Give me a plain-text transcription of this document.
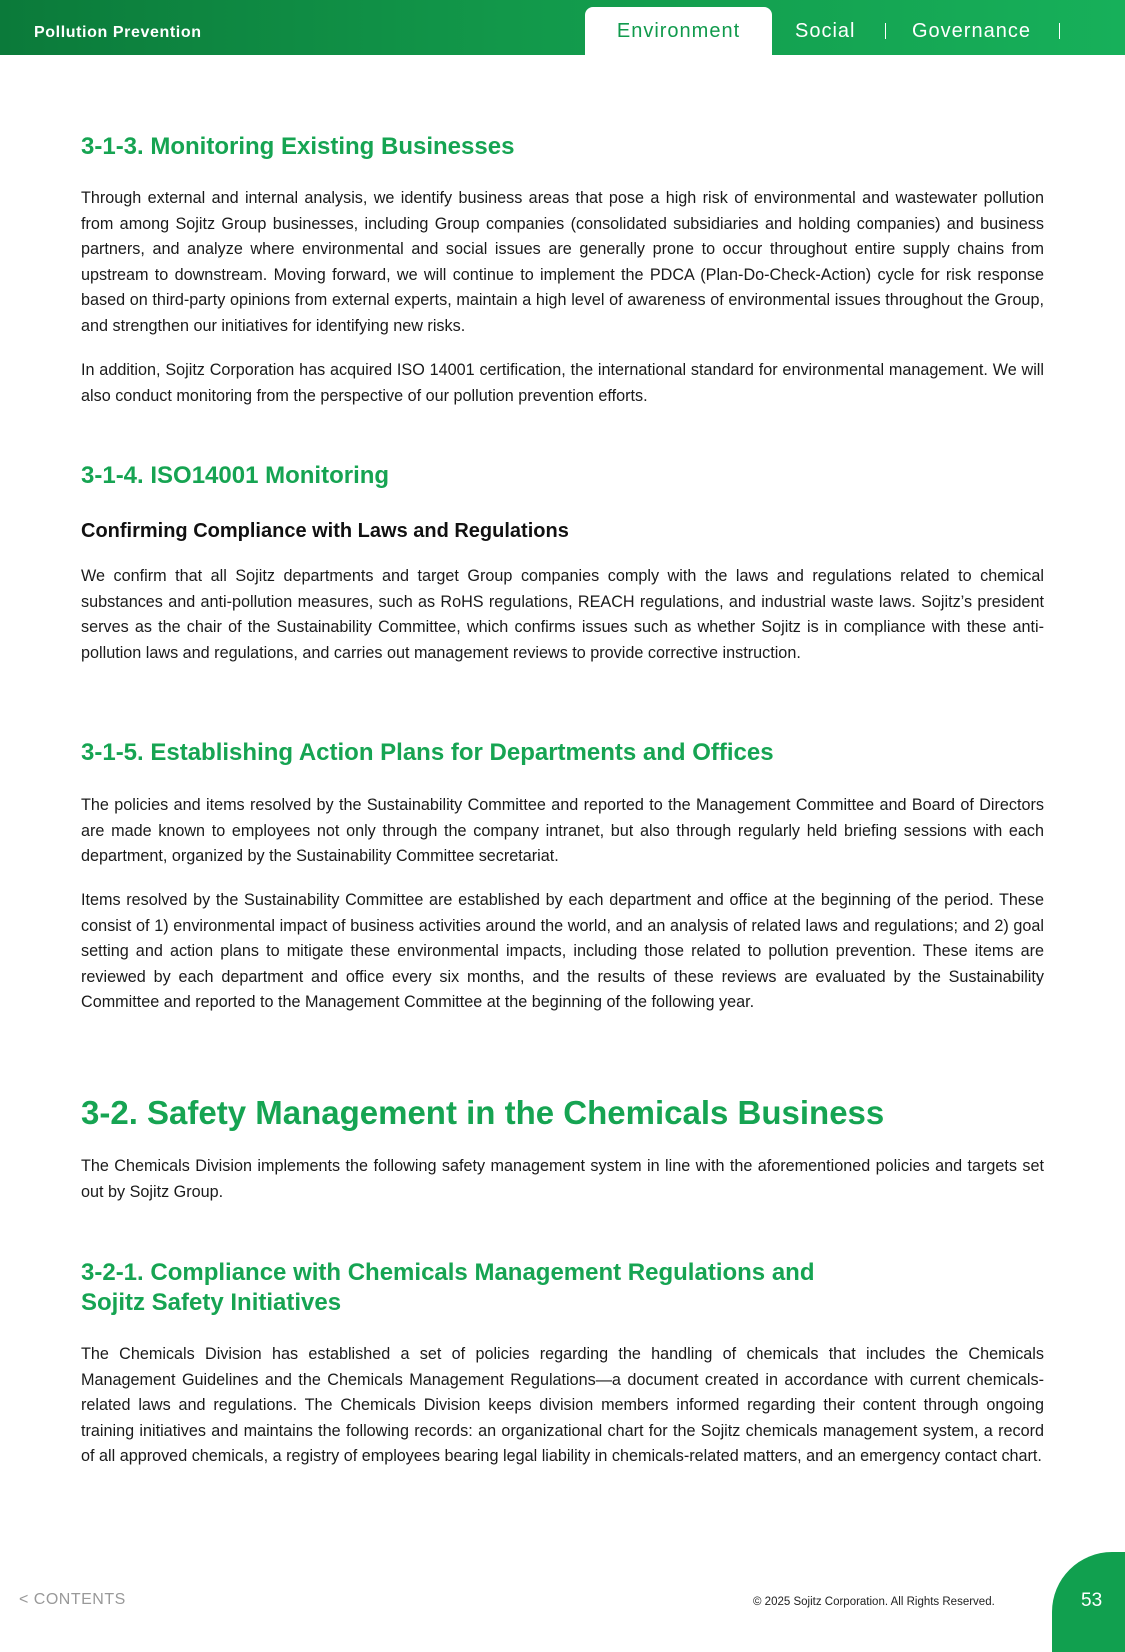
Pollution Prevention	Environment	Social	Governance
3-1-3. Monitoring Existing Businesses

Through external and internal analysis, we identify business areas that pose a high risk of environmental and wastewater pollution from among Sojitz Group businesses, including Group companies (consolidated subsidiaries and holding companies) and business partners, and analyze where environmental and social issues are generally prone to occur throughout entire supply chains from upstream to downstream. Moving forward, we will continue to implement the PDCA (Plan-Do-Check-Action) cycle for risk response based on third-party opinions from external experts, maintain a high level of awareness of environmental issues throughout the Group, and strengthen our initiatives for identifying new risks.

In addition, Sojitz Corporation has acquired ISO 14001 certification, the international standard for environmental management. We will also conduct monitoring from the perspective of our pollution prevention efforts.

3-1-4. ISO14001 Monitoring
Confirming Compliance with Laws and Regulations

We confirm that all Sojitz departments and target Group companies comply with the laws and regulations related to chemical substances and anti-pollution measures, such as RoHS regulations, REACH regulations, and industrial waste laws. Sojitz’s president serves as the chair of the Sustainability Committee, which confirms issues such as whether Sojitz is in compliance with these anti-pollution laws and regulations, and carries out management reviews to provide corrective instruction.

3-1-5. Establishing Action Plans for Departments and Offices

The policies and items resolved by the Sustainability Committee and reported to the Management Committee and Board of Directors are made known to employees not only through the company intranet, but also through regularly held briefing sessions with each department, organized by the Sustainability Committee secretariat.

Items resolved by the Sustainability Committee are established by each department and office at the beginning of the period. These consist of 1) environmental impact of business activities around the world, and an analysis of related laws and regulations; and 2) goal setting and action plans to mitigate these environmental impacts, including those related to pollution prevention. These items are reviewed by each department and office every six months, and the results of these reviews are evaluated by the Sustainability Committee and reported to the Management Committee at the beginning of the following year.

3-2. Safety Management in the Chemicals Business

The Chemicals Division implements the following safety management system in line with the aforementioned policies and targets set out by Sojitz Group.

3-2-1. Compliance with Chemicals Management Regulations and
Sojitz Safety Initiatives

The Chemicals Division has established a set of policies regarding the handling of chemicals that includes the Chemicals Management Guidelines and the Chemicals Management Regulations—a document created in accordance with current chemicals-related laws and regulations. The Chemicals Division keeps division members informed regarding their content through ongoing training initiatives and maintains the following records: an organizational chart for the Sojitz chemicals management system, a record of all approved chemicals, a registry of employees bearing legal liability in chemicals-related matters, and an emergency contact chart.

< CONTENTS	© 2025 Sojitz Corporation. All Rights Reserved.	53
